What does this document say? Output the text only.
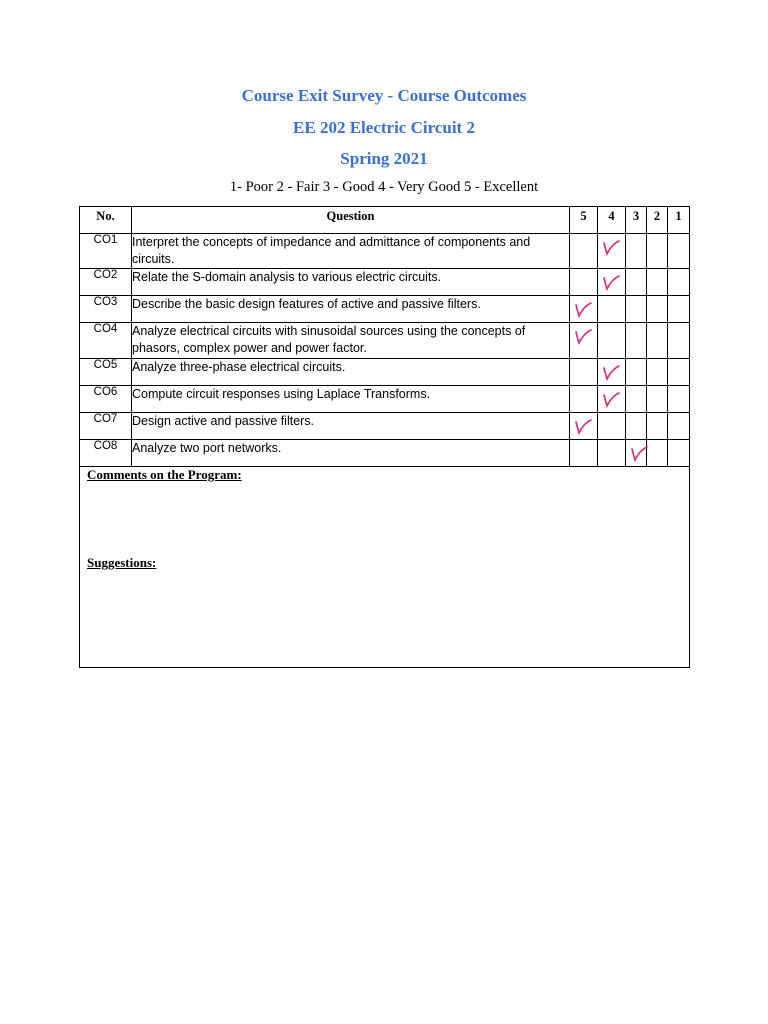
Course Exit Survey - Course Outcomes
EE 202 Electric Circuit 2
Spring 2021
1- Poor 2 - Fair 3 - Good 4 - Very Good 5 - Excellent
No.	Question	5	4	3	2	1
CO1	Interpret the concepts of impedance and admittance of components and circuits.		

CO2	Relate the S-domain analysis to various electric circuits.		

CO3	Describe the basic design features of active and passive filters.	

CO4	Analyze electrical circuits with sinusoidal sources using the concepts of phasors, complex power and power factor.	

CO5	Analyze three-phase electrical circuits.		

CO6	Compute circuit responses using Laplace Transforms.		

CO7	Design active and passive filters.	

CO8	Analyze two port networks.			

Comments on the Program:
Suggestions:						
